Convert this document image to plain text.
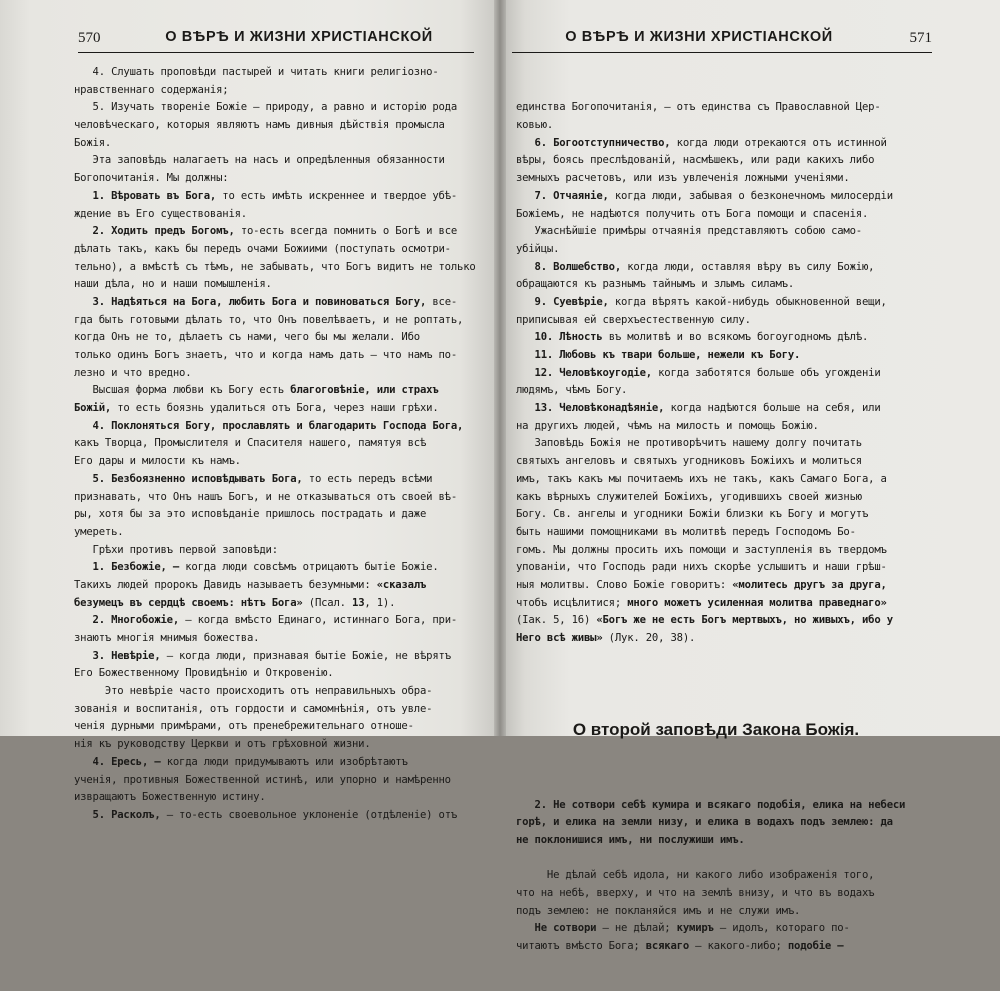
570	О ВѢРѢ И ЖИЗНИ ХРИСТІАНСКОЙ
4. Слушать проповѣди пастырей и читать книги религіозно-
нравственнаго содержанія;
5. Изучать твореніе Божіе — природу, а равно и исторію рода
человѣческаго, которыя являютъ намъ дивныя дѣйствія промысла
Божія.
Эта заповѣдь налагаетъ на насъ и опредѣленныя обязанности
Богопочитанія. Мы должны:
1. Вѣровать въ Бога, то есть имѣть искреннее и твердое убѣ-
ждение въ Его существованія.
2. Ходить предъ Богомъ, то-есть всегда помнить о Богѣ и все
дѣлать такъ, какъ бы передъ очами Божиими (поступать осмотри-
тельно), а вмѣстѣ съ тѣмъ, не забывать, что Богъ видитъ не только
наши дѣла, но и наши помышленія.
3. Надѣяться на Бога, любить Бога и повиноваться Богу, все-
гда быть готовыми дѣлать то, что Онъ повелѣваетъ, и не роптать,
когда Онъ не то, дѣлаетъ съ нами, чего бы мы желали. Ибо
только одинъ Богъ знаетъ, что и когда намъ дать — что намъ по-
лезно и что вредно.
Высшая форма любви къ Богу есть благоговѣніе, или страхъ
Божій, то есть боязнь удалиться отъ Бога, через наши грѣхи.
4. Поклоняться Богу, прославлять и благодарить Господа Бога,
какъ Творца, Промыслителя и Спасителя нашего, памятуя всѣ
Его дары и милости къ намъ.
5. Безбоязненно исповѣдывать Бога, то есть передъ всѣми
признавать, что Онъ нашъ Богъ, и не отказываться отъ своей вѣ-
ры, хотя бы за это исповѣданіе пришлось пострадать и даже
умереть.
Грѣхи противъ первой заповѣди:
1. Безбожіе, — когда люди совсѣмъ отрицаютъ бытіе Божіе.
Такихъ людей пророкъ Давидъ называетъ безумными: «сказалъ
безумецъ въ сердцѣ своемъ: нѣтъ Бога» (Псал. 13, 1).
2. Многобожіе, — когда вмѣсто Единаго, истиннаго Бога, при-
знаютъ многія мнимыя божества.
3. Невѣріе, — когда люди, признавая бытіе Божіе, не вѣрятъ
Его Божественному Провидѣнію и Откровенію.
Это невѣріе часто происходитъ отъ неправильныхъ обра-
зованія и воспитанія, отъ гордости и самомнѣнія, отъ увле-
ченія дурными примѣрами, отъ пренебрежительнаго отноше-
нія къ руководству Церкви и отъ грѣховной жизни.
4. Ересь, — когда люди придумываютъ или изобрѣтаютъ
ученія, противныя Божественной истинѣ, или упорно и намѣренно
извращаютъ Божественную истину.
5. Расколъ, — то-есть своевольное уклоненіе (отдѣленіе) отъ
О ВѢРѢ И ЖИЗНИ ХРИСТІАНСКОЙ	571

единства Богопочитанія, — отъ единства съ Православной Цер-
ковью.
6. Богоотступничество, когда люди отрекаются отъ истинной
вѣры, боясь преслѣдованій, насмѣшекъ, или ради какихъ либо
земныхъ расчетовъ, или изъ увлеченія ложными ученіями.
7. Отчаяніе, когда люди, забывая о безконечномъ милосердіи
Божіемъ, не надѣются получить отъ Бога помощи и спасенія.
Ужаснѣйшіе примѣры отчаянія представляютъ собою само-
убійцы.
8. Волшебство, когда люди, оставляя вѣру въ силу Божію,
обращаются къ разнымъ тайнымъ и злымъ силамъ.
9. Суевѣріе, когда вѣрятъ какой-нибудь обыкновенной вещи,
приписывая ей сверхъестественную силу.
10. Лѣность въ молитвѣ и во всякомъ богоугодномъ дѣлѣ.
11. Любовь къ твари больше, нежели къ Богу.
12. Человѣкоугодіе, когда заботятся больше объ угожденіи
людямъ, чѣмъ Богу.
13. Человѣконадѣяніе, когда надѣются больше на себя, или
на другихъ людей, чѣмъ на милость и помощь Божію.
Заповѣдь Божія не противорѣчитъ нашему долгу почитать
святыхъ ангеловъ и святыхъ угодниковъ Божіихъ и молиться
имъ, такъ какъ мы почитаемъ ихъ не такъ, какъ Самаго Бога, а
какъ вѣрныхъ служителей Божіихъ, угодившихъ своей жизнью
Богу. Св. ангелы и угодники Божіи близки къ Богу и могутъ
быть нашими помощниками въ молитвѣ передъ Господомъ Бо-
гомъ. Мы должны просить ихъ помощи и заступленія въ твердомъ
упованіи, что Господь ради нихъ скорѣе услышитъ и наши грѣш-
ныя молитвы. Слово Божіе говоритъ: «молитесь другъ за друга,
чтобъ исцѣлитися; много можетъ усиленная молитва праведнаго»
(Іак. 5, 16) «Богъ же не есть Богъ мертвыхъ, но живыхъ, ибо у
Него всѣ живы» (Лук. 20, 38).

О второй заповѣди Закона Божія.

2. Не сотвори себѣ кумира и всякаго подобія, елика на небеси
горѣ, и елика на земли низу, и елика в водахъ подъ землею: да
не поклонишися имъ, ни послужиши имъ.
Не дѣлай себѣ идола, ни какого либо изображенія того,
что на небѣ, вверху, и что на землѣ внизу, и что въ водахъ
подъ землею: не покланяйся имъ и не служи имъ.
Не сотвори — не дѣлай; кумиръ — идолъ, котораго по-
читаютъ вмѣсто Бога; всякаго — какого-либо; подобіе —
